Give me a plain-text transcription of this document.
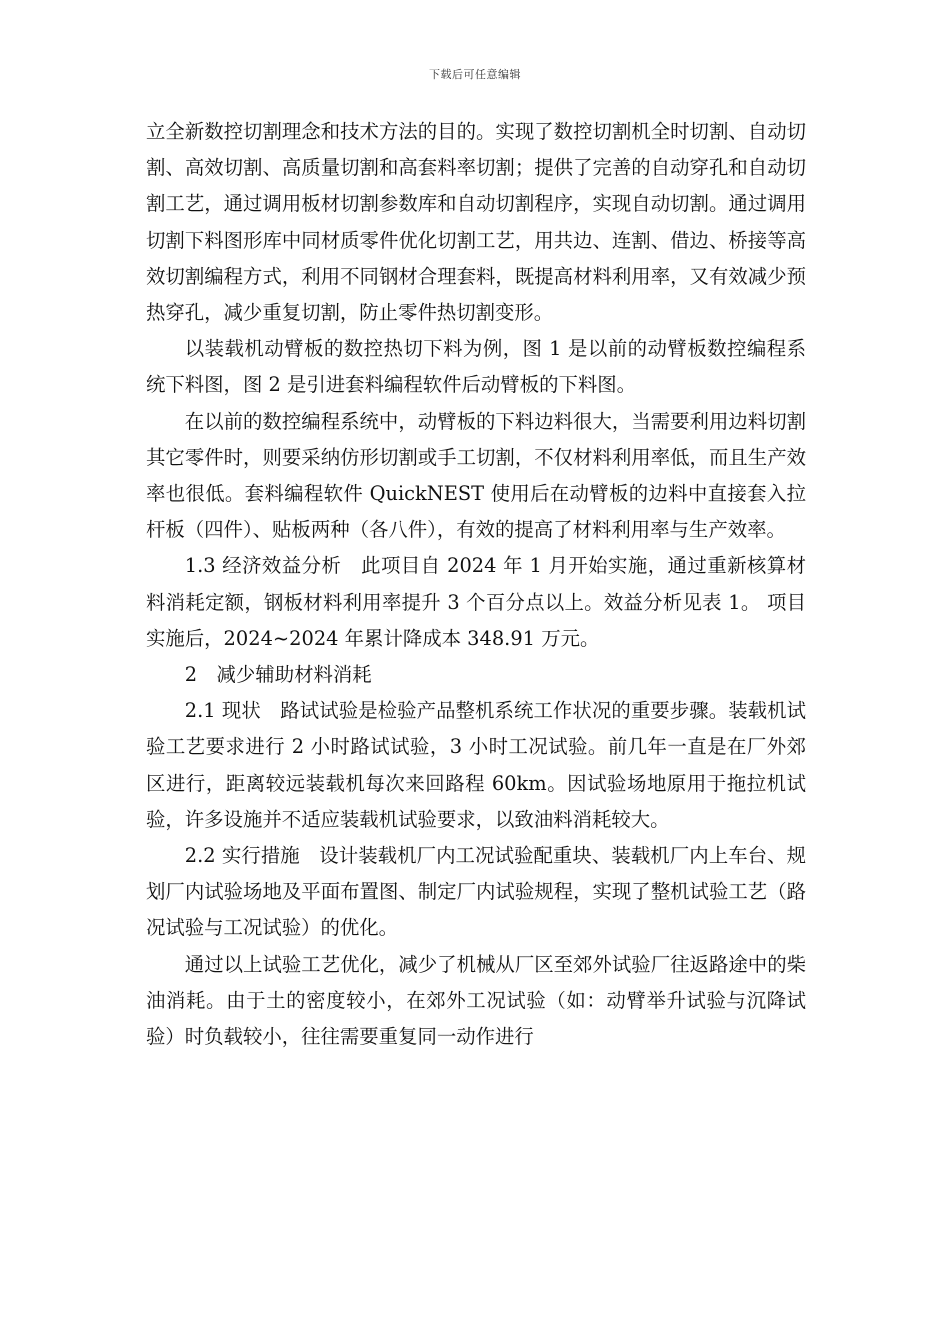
下载后可任意编辑

立全新数控切割理念和技术方法的目的。实现了数控切割机全时切割、自动切割、高效切割、高质量切割和高套料率切割；提供了完善的自动穿孔和自动切割工艺，通过调用板材切割参数库和自动切割程序，实现自动切割。通过调用切割下料图形库中同材质零件优化切割工艺，用共边、连割、借边、桥接等高效切割编程方式，利用不同钢材合理套料，既提高材料利用率，又有效减少预热穿孔，减少重复切割，防止零件热切割变形。

以装载机动臂板的数控热切下料为例，图 1 是以前的动臂板数控编程系统下料图，图 2 是引进套料编程软件后动臂板的下料图。

在以前的数控编程系统中，动臂板的下料边料很大，当需要利用边料切割其它零件时，则要采纳仿形切割或手工切割，不仅材料利用率低，而且生产效率也很低。套料编程软件 QuickNEST 使用后在动臂板的边料中直接套入拉杆板（四件）、贴板两种（各八件），有效的提高了材料利用率与生产效率。

1.3 经济效益分析　此项目自 2024 年 1 月开始实施，通过重新核算材料消耗定额，钢板材料利用率提升 3 个百分点以上。效益分析见表 1。 项目实施后，2024~2024 年累计降成本 348.91 万元。

2　减少辅助材料消耗

2.1 现状　路试试验是检验产品整机系统工作状况的重要步骤。装载机试验工艺要求进行 2 小时路试试验，3 小时工况试验。前几年一直是在厂外郊区进行，距离较远装载机每次来回路程 60km。因试验场地原用于拖拉机试验，许多设施并不适应装载机试验要求，以致油料消耗较大。

2.2 实行措施　设计装载机厂内工况试验配重块、装载机厂内上车台、规划厂内试验场地及平面布置图、制定厂内试验规程，实现了整机试验工艺（路况试验与工况试验）的优化。

通过以上试验工艺优化，减少了机械从厂区至郊外试验厂往返路途中的柴油消耗。由于土的密度较小，在郊外工况试验（如：动臂举升试验与沉降试验）时负载较小，往往需要重复同一动作进行
